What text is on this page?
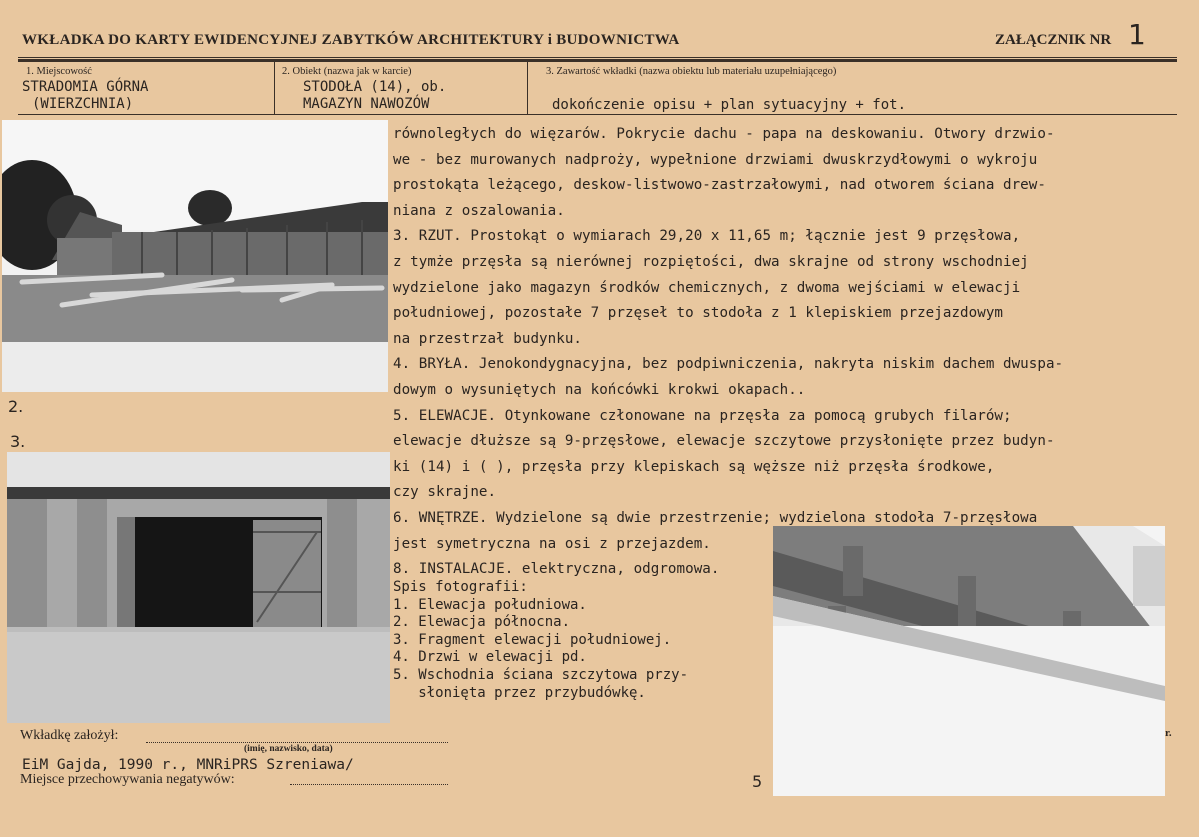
WKŁADKA DO KARTY EWIDENCYJNEJ ZABYTKÓW ARCHITEKTURY i BUDOWNICTWA	ZAŁĄCZNIK NR 1
1. Miejscowość
STRADOMIA GÓRNA
(WIERZCHNIA)
2. Obiekt (nazwa jak w karcie)
STODOŁA (14), ob.
MAGAZYN NAWOZÓW
3. Zawartość wkładki (nazwa obiektu lub materiału uzupełniającego)
dokończenie opisu + plan sytuacyjny + fot.
2.
3.
5
równoległych do więzarów. Pokrycie dachu - papa na deskowaniu. Otwory drzwio-
we - bez murowanych nadproży, wypełnione drzwiami dwuskrzydłowymi o wykroju
prostokąta leżącego, deskow-listwowo-zastrzałowymi, nad otworem ściana drew-
niana z oszalowania.
3. RZUT. Prostokąt o wymiarach 29,20 x 11,65 m; łącznie jest 9 przęsłowa,
z tymże przęsła są nierównej rozpiętości, dwa skrajne od strony wschodniej
wydzielone jako magazyn środków chemicznych, z dwoma wejściami w elewacji
południowej, pozostałe 7 przęseł to stodoła z 1 klepiskiem przejazdowym
na przestrzał budynku.
4. BRYŁA. Jenokondygnacyjna, bez podpiwniczenia, nakryta niskim dachem dwuspa-
dowym o wysuniętych na końcówki krokwi okapach..
5. ELEWACJE. Otynkowane członowane na przęsła za pomocą grubych filarów;
elewacje dłuższe są 9-przęsłowe, elewacje szczytowe przysłonięte przez budyn-
ki (14) i ( ), przęsła przy klepiskach są węższe niż przęsła środkowe,
czy skrajne.
6. WNĘTRZE. Wydzielone są dwie przestrzenie; wydzielona stodoła 7-przęsłowa
jest symetryczna na osi z przejazdem.
8. INSTALACJE. elektryczna, odgromowa.
Spis fotografii:
1. Elewacja południowa.
2. Elewacja północna.
3. Fragment elewacji południowej.
4. Drzwi w elewacji pd.
5. Wschodnia ściana szczytowa przy-
słonięta przez przybudówkę.
Wkładkę założył:
(imię, nazwisko, data)
EiM Gajda, 1990 r., MNRiPRS Szreniawa/
Miejsce przechowywania negatywów:
r.
